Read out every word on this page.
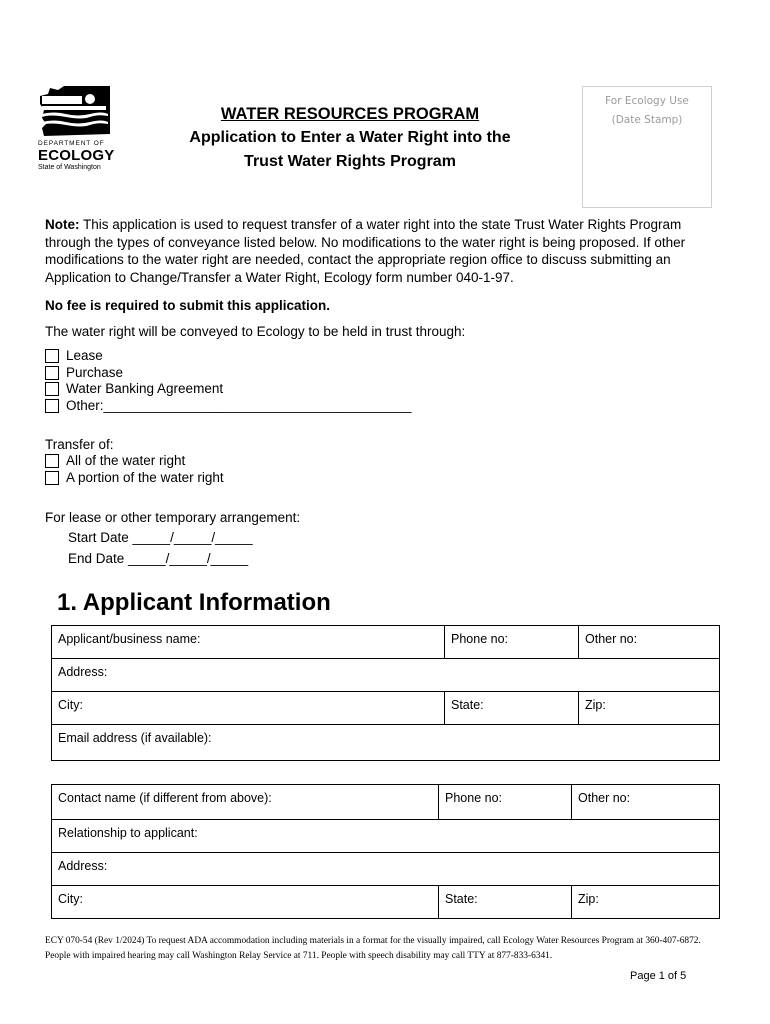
DEPARTMENT OF
ECOLOGY
State of Washington
WATER RESOURCES PROGRAM
Application to Enter a Water Right into the
Trust Water Rights Program
For Ecology Use
(Date Stamp)
Note: This application is used to request transfer of a water right into the state Trust Water Rights Program through the types of conveyance listed below. No modifications to the water right is being proposed. If other modifications to the water right are needed, contact the appropriate region office to discuss submitting an Application to Change/Transfer a Water Right, Ecology form number 040-1-97.
No fee is required to submit this application.
The water right will be conveyed to Ecology to be held in trust through:
Lease
Purchase
Water Banking Agreement
Other:_________________________________________
Transfer of:
All of the water right
A portion of the water right
For lease or other temporary arrangement:
Start Date _____/_____/_____
End Date _____/_____/_____
1. Applicant Information
Applicant/business name:	Phone no:	Other no:
Address:		
City:	State:	Zip:
Email address (if available):		
Contact name (if different from above):	Phone no:	Other no:
Relationship to applicant:		
Address:		
City:	State:	Zip:
ECY 070-54 (Rev 1/2024) To request ADA accommodation including materials in a format for the visually impaired, call Ecology Water Resources Program at 360-407-6872. People with impaired hearing may call Washington Relay Service at 711. People with speech disability may call TTY at 877-833-6341.
Page 1 of 5
